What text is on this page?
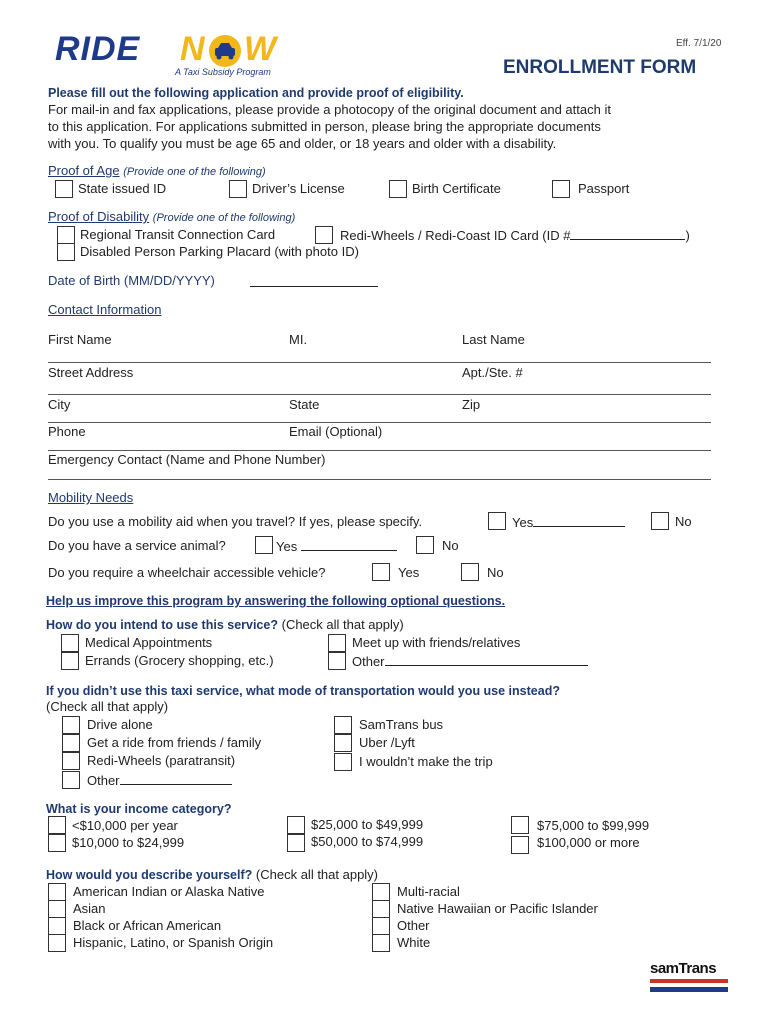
RIDE N W
A Taxi Subsidy Program
Eff. 7/1/20
ENROLLMENT FORM
Please fill out the following application and provide proof of eligibility.
For mail-in and fax applications, please provide a photocopy of the original document and attach it
to this application. For applications submitted in person, please bring the appropriate documents
with you. To qualify you must be age 65 and older, or 18 years and older with a disability.
Proof of Age (Provide one of the following)
State issued ID	Driver’s License	Birth Certificate	Passport
Proof of Disability (Provide one of the following)
Regional Transit Connection Card	Redi-Wheels / Redi-Coast ID Card (ID #	)
Disabled Person Parking Placard (with photo ID)
Date of Birth (MM/DD/YYYY)
Contact Information
First Name	MI.	Last Name
Street Address	Apt./Ste. #
City	State	Zip
Phone	Email (Optional)
Emergency Contact (Name and Phone Number)
Mobility Needs
Do you use a mobility aid when you travel? If yes, please specify.	Yes	No
Do you have a service animal?	Yes	No
Do you require a wheelchair accessible vehicle?	Yes	No
Help us improve this program by answering the following optional questions.
How do you intend to use this service? (Check all that apply)
Medical Appointments
Errands (Grocery shopping, etc.)
Meet up with friends/relatives
Other
If you didn’t use this taxi service, what mode of transportation would you use instead?
(Check all that apply)
Drive alone
Get a ride from friends / family
Redi-Wheels (paratransit)
Other
SamTrans bus
Uber /Lyft
I wouldn’t make the trip
What is your income category?
<$10,000 per year
$10,000 to $24,999
$25,000 to $49,999
$50,000 to $74,999
$75,000 to $99,999
$100,000 or more
How would you describe yourself? (Check all that apply)
American Indian or Alaska Native
Asian
Black or African American
Hispanic, Latino, or Spanish Origin
Multi-racial
Native Hawaiian or Pacific Islander
Other
White
samTrans
